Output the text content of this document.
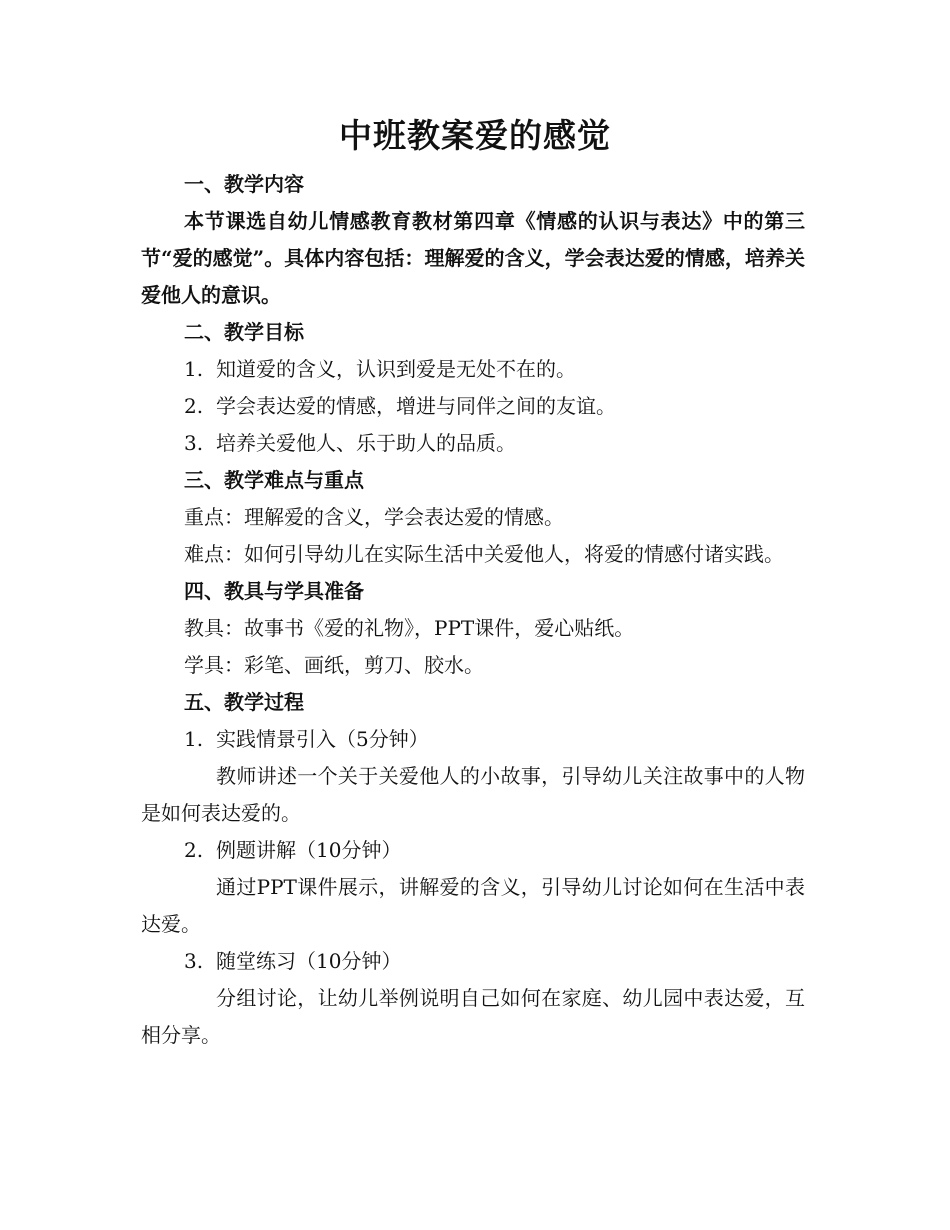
中班教案爱的感觉

一、教学内容

本节课选自幼儿情感教育教材第四章《情感的认识与表达》中的第三节“爱的感觉”。具体内容包括：理解爱的含义，学会表达爱的情感，培养关爱他人的意识。

二、教学目标

1. 知道爱的含义，认识到爱是无处不在的。

2. 学会表达爱的情感，增进与同伴之间的友谊。

3. 培养关爱他人、乐于助人的品质。

三、教学难点与重点

重点：理解爱的含义，学会表达爱的情感。

难点：如何引导幼儿在实际生活中关爱他人，将爱的情感付诸实践。

四、教具与学具准备

教具：故事书《爱的礼物》，PPT课件，爱心贴纸。

学具：彩笔、画纸，剪刀、胶水。

五、教学过程

1. 实践情景引入（5分钟）

教师讲述一个关于关爱他人的小故事，引导幼儿关注故事中的人物是如何表达爱的。

2. 例题讲解（10分钟）

通过PPT课件展示，讲解爱的含义，引导幼儿讨论如何在生活中表达爱。

3. 随堂练习（10分钟）

分组讨论，让幼儿举例说明自己如何在家庭、幼儿园中表达爱，互相分享。
